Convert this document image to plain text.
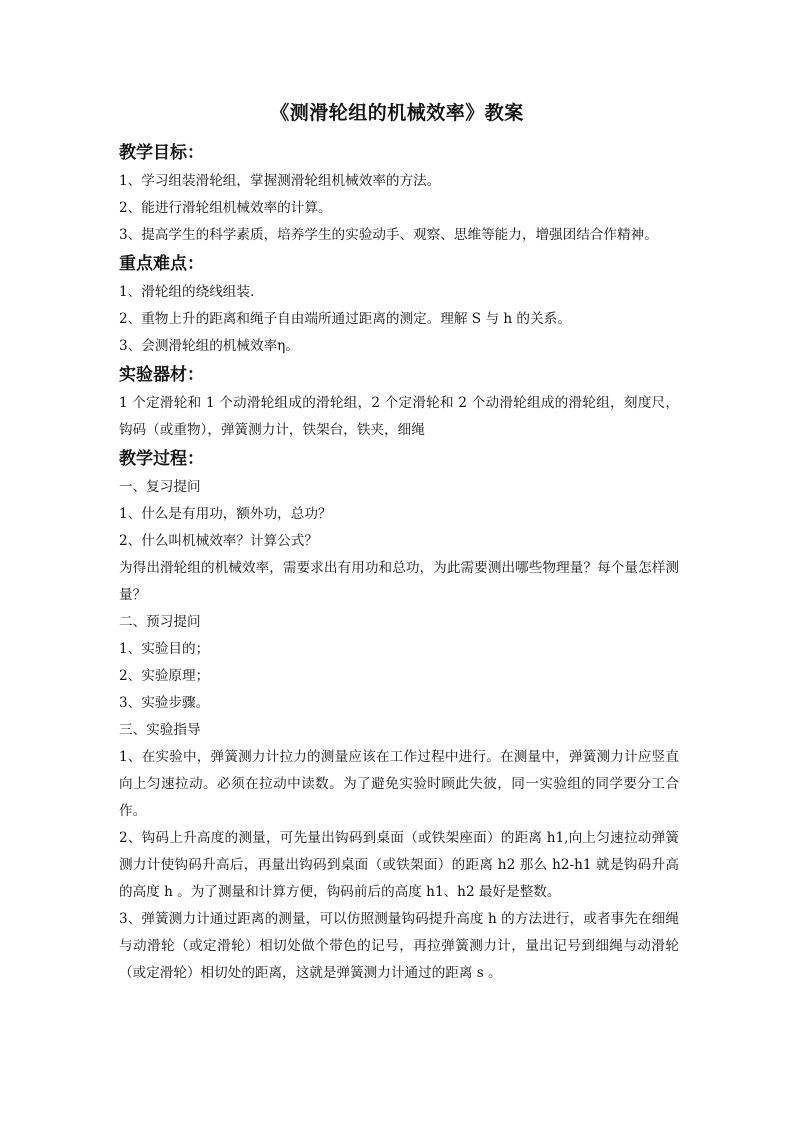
《测滑轮组的机械效率》教案

教学目标：

1、学习组装滑轮组，掌握测滑轮组机械效率的方法。

2、能进行滑轮组机械效率的计算。

3、提高学生的科学素质，培养学生的实验动手、观察、思维等能力，增强团结合作精神。

重点难点：

1、滑轮组的绕线组装.

2、重物上升的距离和绳子自由端所通过距离的测定。理解 S 与 h 的关系。

3、会测滑轮组的机械效率η。

实验器材：

1 个定滑轮和 1 个动滑轮组成的滑轮组，2 个定滑轮和 2 个动滑轮组成的滑轮组，刻度尺，钩码（或重物），弹簧测力计，铁架台，铁夹，细绳

教学过程：

一、复习提问

1、什么是有用功，额外功，总功？

2、什么叫机械效率？计算公式？

为得出滑轮组的机械效率，需要求出有用功和总功，为此需要测出哪些物理量？每个量怎样测量？

二、预习提问

1、实验目的；

2、实验原理；

3、实验步骤。

三、实验指导

1、在实验中，弹簧测力计拉力的测量应该在工作过程中进行。在测量中，弹簧测力计应竖直向上匀速拉动。必须在拉动中读数。为了避免实验时顾此失彼，同一实验组的同学要分工合作。

2、钩码上升高度的测量，可先量出钩码到桌面（或铁架座面）的距离 h1,向上匀速拉动弹簧测力计使钩码升高后，再量出钩码到桌面（或铁架面）的距离 h2 那么 h2-h1 就是钩码升高的高度 h 。为了测量和计算方便，钩码前后的高度 h1、h2 最好是整数。

3、弹簧测力计通过距离的测量，可以仿照测量钩码提升高度 h 的方法进行，或者事先在细绳与动滑轮（或定滑轮）相切处做个带色的记号，再拉弹簧测力计，量出记号到细绳与动滑轮（或定滑轮）相切处的距离，这就是弹簧测力计通过的距离 s 。
